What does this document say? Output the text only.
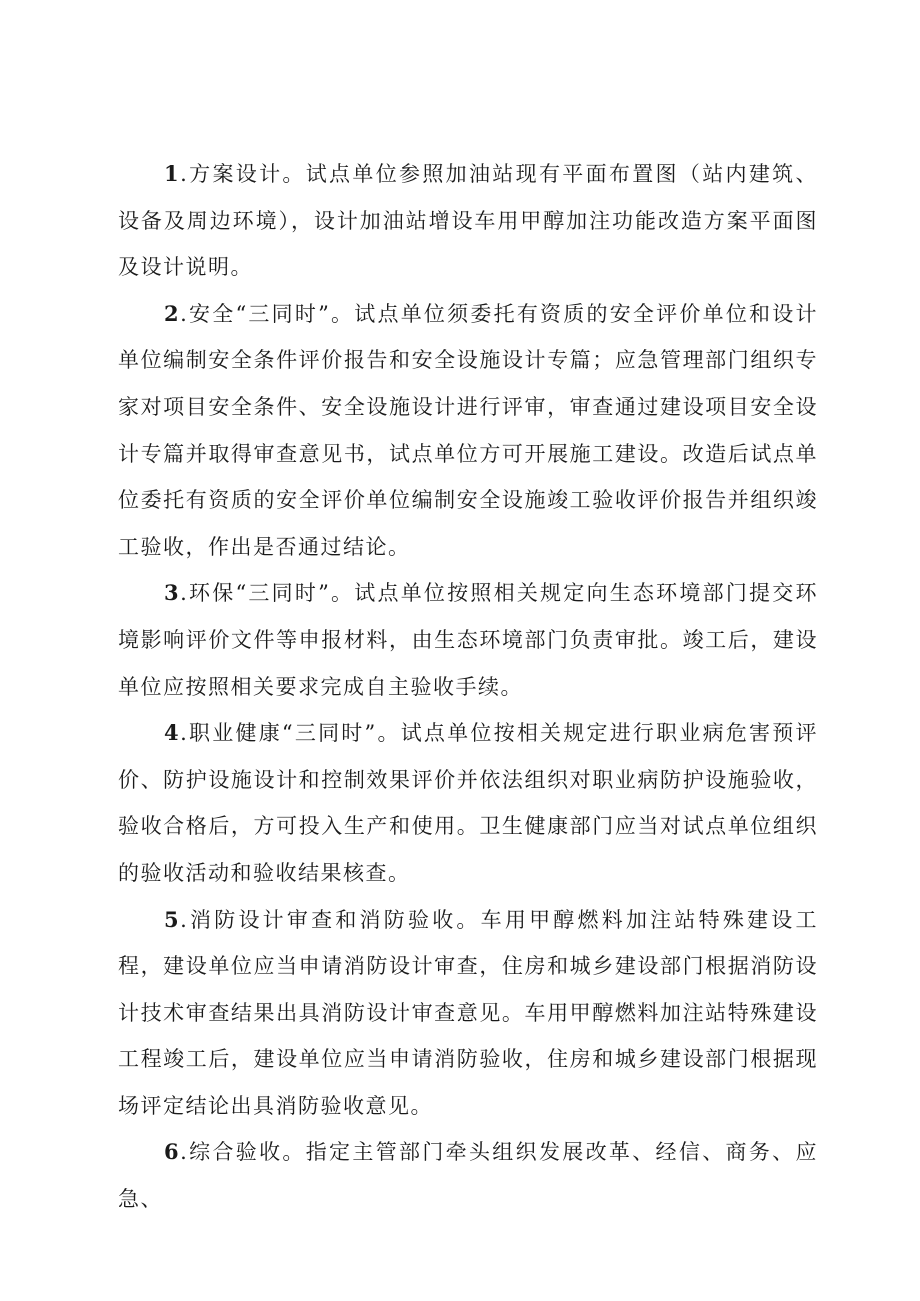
1.方案设计。试点单位参照加油站现有平面布置图（站内建筑、设备及周边环境），设计加油站增设车用甲醇加注功能改造方案平面图及设计说明。

2.安全“三同时”。试点单位须委托有资质的安全评价单位和设计单位编制安全条件评价报告和安全设施设计专篇；应急管理部门组织专家对项目安全条件、安全设施设计进行评审，审查通过建设项目安全设计专篇并取得审查意见书，试点单位方可开展施工建设。改造后试点单位委托有资质的安全评价单位编制安全设施竣工验收评价报告并组织竣工验收，作出是否通过结论。

3.环保“三同时”。试点单位按照相关规定向生态环境部门提交环境影响评价文件等申报材料，由生态环境部门负责审批。竣工后，建设单位应按照相关要求完成自主验收手续。

4.职业健康“三同时”。试点单位按相关规定进行职业病危害预评价、防护设施设计和控制效果评价并依法组织对职业病防护设施验收，验收合格后，方可投入生产和使用。卫生健康部门应当对试点单位组织的验收活动和验收结果核查。

5.消防设计审查和消防验收。车用甲醇燃料加注站特殊建设工程，建设单位应当申请消防设计审查，住房和城乡建设部门根据消防设计技术审查结果出具消防设计审查意见。车用甲醇燃料加注站特殊建设工程竣工后，建设单位应当申请消防验收，住房和城乡建设部门根据现场评定结论出具消防验收意见。

6.综合验收。指定主管部门牵头组织发展改革、经信、商务、应急、
